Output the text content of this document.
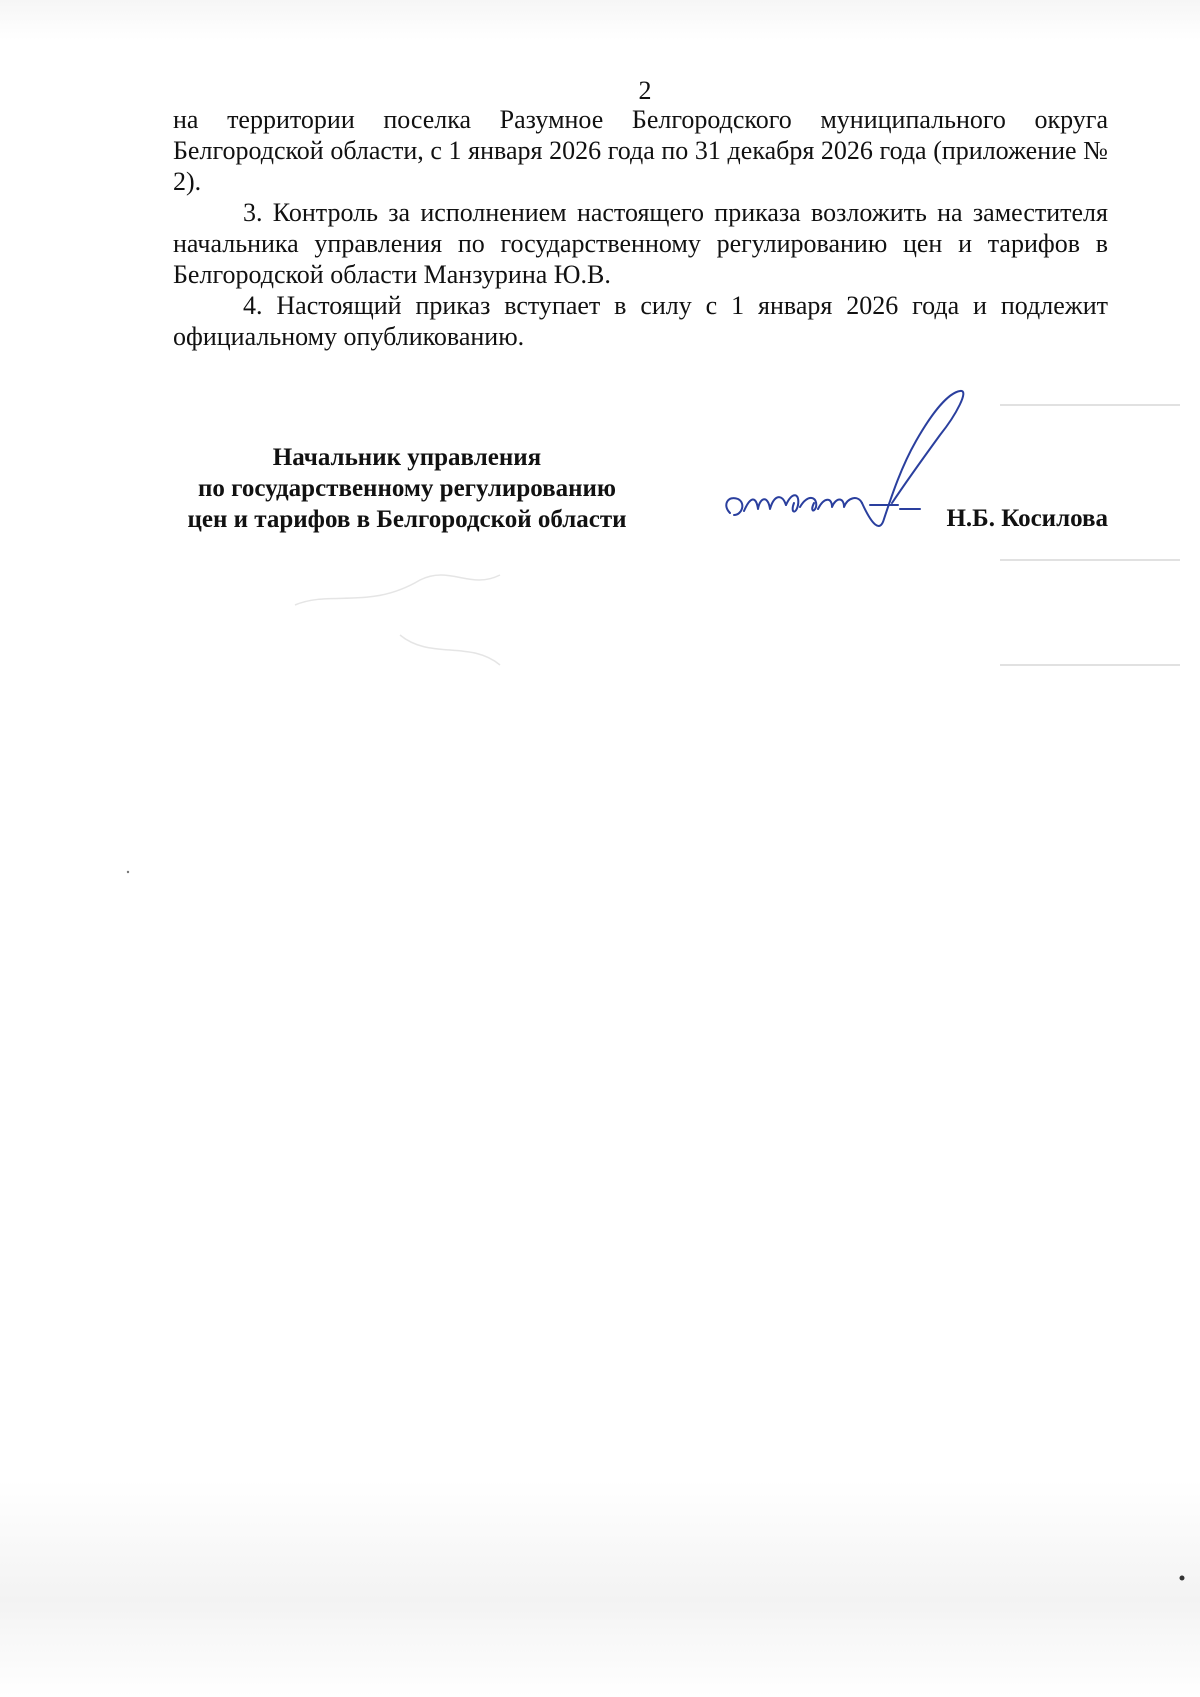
2

на территории поселка Разумное Белгородского муниципального округа Белгородской области, с 1 января 2026 года по 31 декабря 2026 года (приложение № 2).

3. Контроль за исполнением настоящего приказа возложить на заместителя начальника управления по государственному регулированию цен и тарифов в Белгородской области Манзурина Ю.В.

4. Настоящий приказ вступает в силу с 1 января 2026 года и подлежит официальному опубликованию.

Начальник управления
по государственному регулированию
цен и тарифов в Белгородской области	Н.Б. Косилова
